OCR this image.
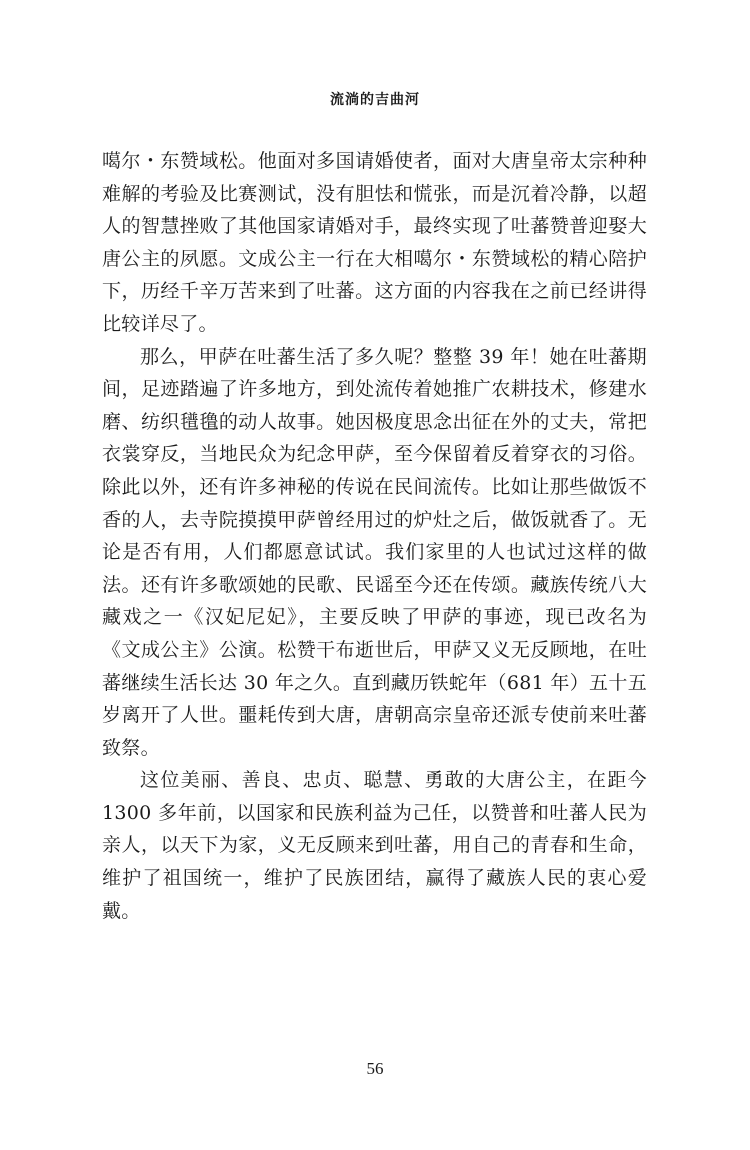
流淌的吉曲河

噶尔・东赞域松。他面对多国请婚使者，面对大唐皇帝太宗种种难解的考验及比赛测试，没有胆怯和慌张，而是沉着冷静，以超人的智慧挫败了其他国家请婚对手，最终实现了吐蕃赞普迎娶大唐公主的夙愿。文成公主一行在大相噶尔・东赞域松的精心陪护下，历经千辛万苦来到了吐蕃。这方面的内容我在之前已经讲得比较详尽了。

那么，甲萨在吐蕃生活了多久呢？整整 39 年！她在吐蕃期间，足迹踏遍了许多地方，到处流传着她推广农耕技术，修建水磨、纺织氆氇的动人故事。她因极度思念出征在外的丈夫，常把衣裳穿反，当地民众为纪念甲萨，至今保留着反着穿衣的习俗。除此以外，还有许多神秘的传说在民间流传。比如让那些做饭不香的人，去寺院摸摸甲萨曾经用过的炉灶之后，做饭就香了。无论是否有用，人们都愿意试试。我们家里的人也试过这样的做法。还有许多歌颂她的民歌、民谣至今还在传颂。藏族传统八大藏戏之一《汉妃尼妃》，主要反映了甲萨的事迹，现已改名为《文成公主》公演。松赞干布逝世后，甲萨又义无反顾地，在吐蕃继续生活长达 30 年之久。直到藏历铁蛇年（681 年）五十五岁离开了人世。噩耗传到大唐，唐朝高宗皇帝还派专使前来吐蕃致祭。

这位美丽、善良、忠贞、聪慧、勇敢的大唐公主，在距今 1300 多年前，以国家和民族利益为己任，以赞普和吐蕃人民为亲人，以天下为家，义无反顾来到吐蕃，用自己的青春和生命，维护了祖国统一，维护了民族团结，赢得了藏族人民的衷心爱戴。

56
